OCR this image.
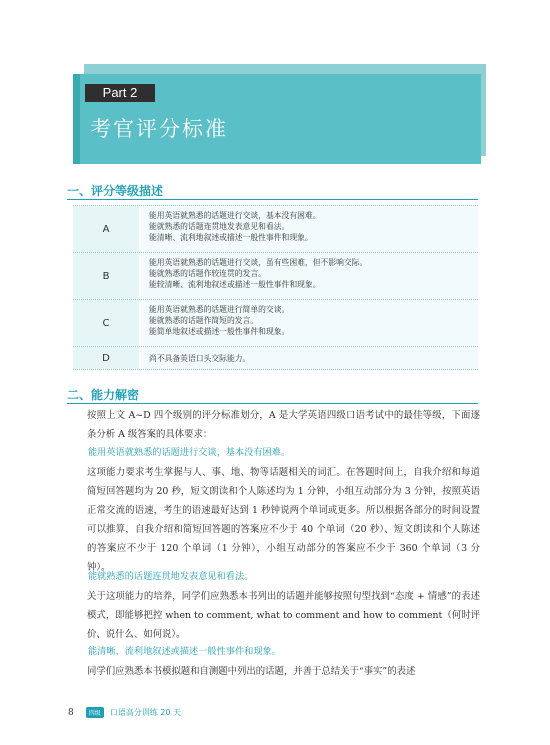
Part 2
考官评分标准
一、评分等级描述
A
能用英语就熟悉的话题进行交谈，基本没有困难。
能就熟悉的话题连贯地发表意见和看法。
能清晰、流利地叙述或描述一般性事件和现象。
B
能用英语就熟悉的话题进行交谈，虽有些困难，但不影响交际。
能就熟悉的话题作较连贯的发言。
能较清晰、流利地叙述或描述一般性事件和现象。
C
能用英语就熟悉的话题进行简单的交谈。
能就熟悉的话题作简短的发言。
能简单地叙述或描述一般性事件和现象。
D	尚不具备英语口头交际能力。
二、能力解密
按照上文 A~D 四个级别的评分标准划分，A 是大学英语四级口语考试中的最佳等级，下面逐条分析 A 级答案的具体要求：
能用英语就熟悉的话题进行交谈，基本没有困难。
这项能力要求考生掌握与人、事、地、物等话题相关的词汇。在答题时间上，自我介绍和每道简短回答题均为 20 秒，短文朗读和个人陈述均为 1 分钟，小组互动部分为 3 分钟，按照英语正常交流的语速，考生的语速最好达到 1 秒钟说两个单词或更多。所以根据各部分的时间设置可以推算，自我介绍和简短回答题的答案应不少于 40 个单词（20 秒）、短文朗读和个人陈述的答案应不少于 120 个单词（1 分钟），小组互动部分的答案应不少于 360 个单词（3 分钟）。
能就熟悉的话题连贯地发表意见和看法。
关于这项能力的培养，同学们应熟悉本书列出的话题并能够按照句型找到“态度 + 情感”的表述模式，即能够把控 when to comment, what to comment and how to comment（何时评价、说什么、如何说）。
能清晰、流利地叙述或描述一般性事件和现象。
同学们应熟悉本书模拟题和自测题中列出的话题，并善于总结关于“事实”的表述
8	四级	口语高分训练 20 天
